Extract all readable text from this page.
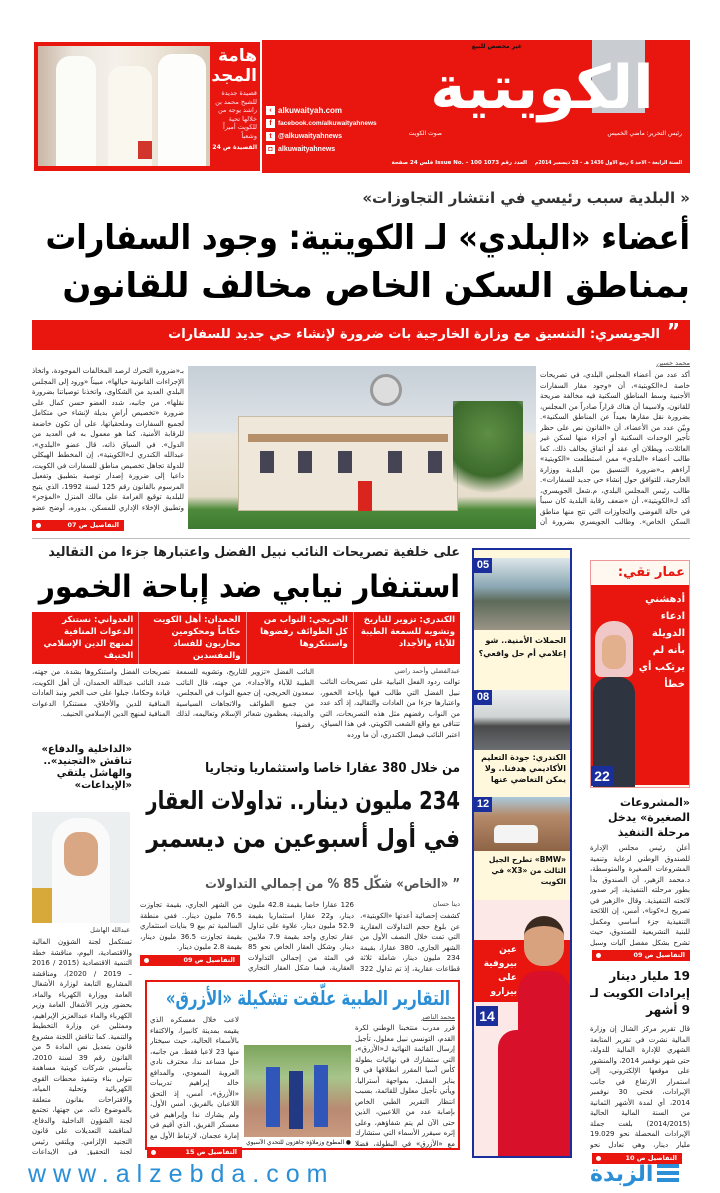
هامة
المجد
قصيدة جديدة للشيخ محمد بن راشد يوجه من خلالها تحية للكويت أميراً وشعباً
القصيدة ص 24
‹ alkuwaityah.com
f facebook.com/alkuwaityahnews
t @alkuwaityahnews
◘ alkuwaityahnews
غير مخصص للبيع
الكويتية
صوت الكويت	رئيس التحرير: ماضي الخميس
السنة الرابعة – الاحد 6 ربيع الاول 1436 هـ – 28 ديسمبر 2014م
العدد رقم 1073 Issue No. – 100 فلس 24 صفحة
« البلدية سبب رئيسي في انتشار التجاوزات»
أعضاء «البلدي» لـ الكويتية: وجود السفارات
بمناطق السكن الخاص مخالف للقانون
”
الجويسري: التنسيق مع وزارة الخارجية بات ضرورة لإنشاء حي جديد للسفارات
محمد حسين
أكد عدد من أعضاء المجلس البلدي، في تصريحات خاصة لـ«الكويتية»، أن «وجود مقار السفارات الأجنبية وسط المناطق السكنية فيه مخالفة صريحة للقانون، ولاسيما أن هناك قراراً صادراً من المجلس، بضرورة نقل مقارها بعيداً عن المناطق السكنية». وبيّن عدد من الأعضاء، أن «القانون نص على حظر تأجير الوحدات السكنية أو أجزاء منها لسكن غير العائلات، ويطلان أي عقد أو اتفاق يخالف ذلك، كما طالب أعضاء «البلدي» ممن استطلعت «الكويتية» آراءهم بـ«ضرورة التنسيق بين البلدية ووزارة الخارجية، للتوافق حول إنشاء حي جديد للسفارات». طالب رئيس المجلس البلدي، م.شعل الجويسري، أكد لـ«الكويتية»، أن «ضعف رقابة البلدية كان سبباً في حالة الفوضى والتجاوزات التي نتج منها مناطق السكن الخاص». وطالب الجويسري بضرورة أن
بـ«ضرورة التحرك لرصد المخالفات الموجودة، واتخاذ الإجراءات القانونية حيالها»، مبيناً «ورود إلى المجلس البلدي العديد من الشكاوى، واتخذنا توصياتنا بضرورة نقلها». من جانبه، شدد العضو حسن كمال على ضرورة «تخصيص أراضٍ بديلة لإنشاء حي متكامل لجميع السفارات وملحقياتها، على أن تكون خاضعة للرقابة الأمنية، كما هو معمول به في العديد من الدول». في السياق ذاته، قال عضو «البلدي»، عبدالله الكندري لـ«الكويتية»، إن المخطط الهيكلي للدولة تجاهل تخصيص مناطق للسفارات في الكويت، داعيا إلى ضرورة إصدار توصية بتطبيق وتفعيل المرسوم بالقانون رقم 125 لسنة 1992، الذي يتيح للبلدية توقيع الغرامة على مالك المنزل «المؤجر» وتطبيق الإخلاء الإداري للمسكن. بدوره، أوضح عضو
التفاصيل ص 07
على خلفية تصريحات النائب نبيل الفضل واعتبارها جزءا من التقاليد
استنفار نيابي ضد إباحة الخمور
الكندري: تزوير للتاريخ وتشويه للسمعة الطيبة للآباء والأجداد
الحريجي: النواب من كل الطوائف رفضوها واستنكروها
الحمدان: أهل الكويت حكاماً ومحكومين محاربون للفساد والمفسدين
العدواني: نستنكر الدعوات المنافية لمنهج الدين الإسلامي الحنيف
عبدالفضلي وأحمد راضي
توالت ردود الفعل النيابية على تصريحات النائب نبيل الفضل التي طالب فيها بإباحة الخمور، واعتبارها جزءا من العادات والتقاليد، إذ أكد عدد من النواب رفضهم مثل هذه التصريحات، التي تتنافى مع واقع الشعب الكويتي. في هذا السياق، اعتبر النائب فيصل الكندري، أن ما ورده
النائب الفضل «تزوير للتاريخ، وتشويه للسمعة الطيبة للآباء والأجداد». من جهته، قال النائب سعدون الحريجي، إن جميع النواب في المجلس، من جميع الطوائف والاتجاهات السياسية والدينية، يعظمون شعائر الإسلام وتعاليمه، لذلك رفضوا
تصريحات الفضل واستنكروها بشدة. من جهته، شدد النائب عبدالله الحمدان، أن أهل الكويت، قيادة وحكاما، جبلوا على حب الخير ونبذ العادات المنافية للدين والأخلاق، مستنكرا الدعوات المنافية لمنهج الدين الإسلامي الحنيف.
05
الحملات الأمنية.. شو إعلامي أم حل واقعي؟
08
الكندري: جودة التعليم الأكاديمي هدفنا.. ولا يمكن التغاضي عنها
12
«BMW» تطرح الجيل الثالث من «X3» في الكويت
عين بيروفية على بيزارو
14
عمار تقي:
أدهشني ادعاء الدويلة بأنه لم يرتكب أي خطأ
22
«المشروعات الصغيرة» يدخل مرحلة التنفيذ
أعلن رئيس مجلس الإدارة للصندوق الوطني لرعاية وتنمية المشروعات الصغيرة والمتوسطة، د.محمد الزهير، أن الصندوق بدأ بطور مرحلته التنفيذية، إثر صدور لائحته التنفيذية. وقال «الزهير في تصريح لـ«كونا»، أمس، إن اللائحة التنفيذية جزء أساسي ومكمل للبنية التشريعية للصندوق، حيث تشرح بشكل مفصل آليات وسبل
التفاصيل ص 09
19 مليار دينار إيرادات الكويت لـ 9 أشهر
قال تقرير مركز الشال إن وزارة المالية نشرت في تقرير المتابعة الشهري للإدارة المالية للدولة، حتى شهر نوفمبر 2014، والمنشور على موقعها الإلكتروني، إلى استمرار الارتفاع في جانب الإيرادات، فحتى 30 نوفمبر 2014، أي لمدة الأشهر الثمانية من السنة المالية الحالية (2014/2015) بلغت جملة الإيرادات المحصلة نحو 19.029 مليار دينار، وهي تعادل نحو
التفاصيل ص 10
من خلال 380 عقارا خاصا واستثماريا وتجاريا
234 مليون دينار.. تداولات العقار
في أول أسبوعين من ديسمبر
” «الخاص» شكّل 85 % من إجمالي التداولات
دينا حسان
كشفت إحصائية أعدتها «الكويتية»، عن بلوغ حجم التداولات العقارية التي تمت خلال النصف الأول من الشهر الجاري، 380 عقارا، بقيمة 234 مليون دينار، شاملة ثلاثة قطاعات عقارية، إذ تم تداول 322
126 عقارا خاصا بقيمة 42.8 مليون دينار، و22 عقارا استثماريا بقيمة 52.9 مليون دينار، علاوة على تداول عقار تجاري واحد بقيمة 7.9 ملايين دينار. وشكل العقار الخاص نحو 85 في المئة من إجمالي التداولات العقارية، فيما شكل العقار التجاري
من الشهر الجاري، بقيمة تجاوزت 76.5 مليون دينار.. ففي منطقة السالمية تم بيع 9 بنايات استثماري بقيمة تجاوزت 36.5 مليون دينار، بقيمة 2.8 مليون دينار.
التفاصيل ص 09
«الداخلية والدفاع» تناقش «التجنيد».. والهاشل يلتقي «الإيداعات»
عبدالله الهاشل
تستكمل لجنة الشؤون المالية والاقتصادية، اليوم، مناقشة خطة التنمية الاقتصادية (2015 / 2016 – 2019 / 2020)، ومناقشة المشاريع التابعة لوزارة الأشغال العامة ووزارة الكهرباء والماء، بحضور وزير الأشغال العامة وزير الكهرباء والماء عبدالعزيز الإبراهيم، وممثلين عن وزارة التخطيط والتنمية. كما تناقش اللجنة مشروع قانون بتعديل نص المادة 5 من القانون رقم 39 لسنة 2010، بتأسيس شركات كويتية مساهمة تتولى بناء وتنفيذ محطات القوى الكهربائية وتحلية المياه، والاقتراحات بقانون متعلقة بالموضوع ذاته. من جهتها، تجتمع لجنة الشؤون الداخلية والدفاع، لمناقشة التعديلات على قانون التجنيد الإلزامي. ويلتقي رئيس لجنة التحقيق في الإيداعات
التقارير الطبية علّقت تشكيلة «الأزرق»
محمد الناصر
قرر مدرب منتخبنا الوطني لكرة القدم، التونسي نبيل معلول، تأجيل إرسال القائمة النهائية لـ«الأزرق»، التي ستشارك في نهائيات بطولة كأس آسيا المقرر انطلاقها في 9 يناير المقبل، بمواجهة أستراليا. ويأتي تأجيل معلول للقائمة، بسبب انتظار التقرير الطبي الخاص بإصابة عدد من اللاعبين، الذين حتى الآن لم يتم شفاؤهم، وعلى إثره سيقرر الأسماء التي ستشارك مع «الأزرق» في البطولة، فضلا
لاعب خلال معسكره الذي يقيمه بمدينة كانبيرا، والاكتفاء بالأسماء الحالية، حيث سيختار منها 23 لاعبا فقط. من جانبه، حل مساعد ندا، محترف نادي العروبة السعودي، والمدافع خالد إبراهيم تدريبات «الأزرق»، أمس، إذ التحق اللاعبان بالفريق، أمس الأول، ولم يشارك ندا وإبراهيم في معسكر الفريق، الذي أقيم في إمارة عجمان، لارتباط الأول مع
● المطوع وزملاؤه جاهزون للتحدي الآسيوي
التفاصيل ص 15
www.alzebda.com	الزبدة
